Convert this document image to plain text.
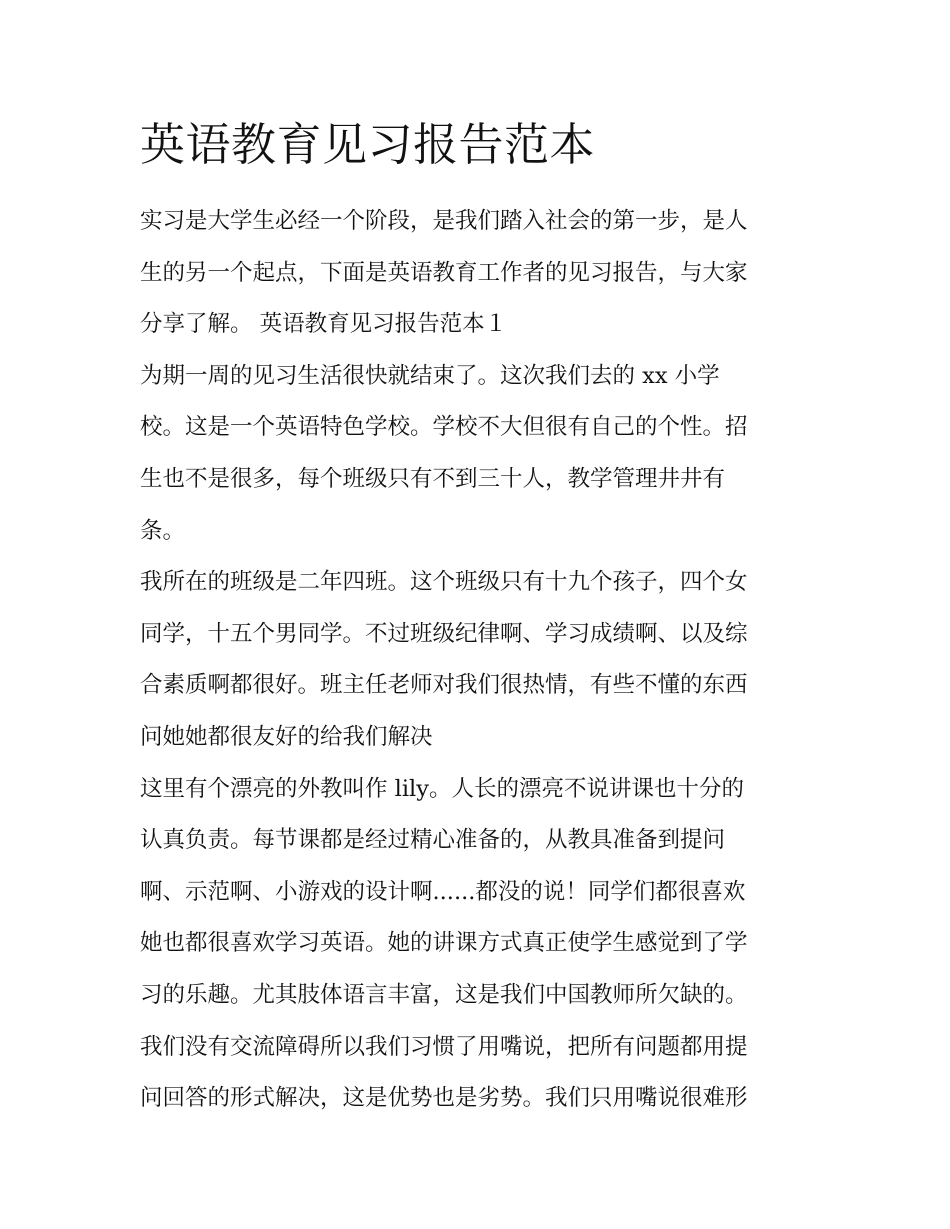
英语教育见习报告范本

实习是大学生必经一个阶段，是我们踏入社会的第一步，是人

生的另一个起点，下面是英语教育工作者的见习报告，与大家

分享了解。 英语教育见习报告范本１

为期一周的见习生活很快就结束了。这次我们去的 xx 小学

校。这是一个英语特色学校。学校不大但很有自己的个性。招

生也不是很多，每个班级只有不到三十人，教学管理井井有

条。

我所在的班级是二年四班。这个班级只有十九个孩子，四个女

同学，十五个男同学。不过班级纪律啊、学习成绩啊、以及综

合素质啊都很好。班主任老师对我们很热情，有些不懂的东西

问她她都很友好的给我们解决

这里有个漂亮的外教叫作 lily。人长的漂亮不说讲课也十分的

认真负责。每节课都是经过精心准备的，从教具准备到提问

啊、示范啊、小游戏的设计啊......都没的说！同学们都很喜欢

她也都很喜欢学习英语。她的讲课方式真正使学生感觉到了学

习的乐趣。尤其肢体语言丰富，这是我们中国教师所欠缺的。

我们没有交流障碍所以我们习惯了用嘴说，把所有问题都用提

问回答的形式解决，这是优势也是劣势。我们只用嘴说很难形
